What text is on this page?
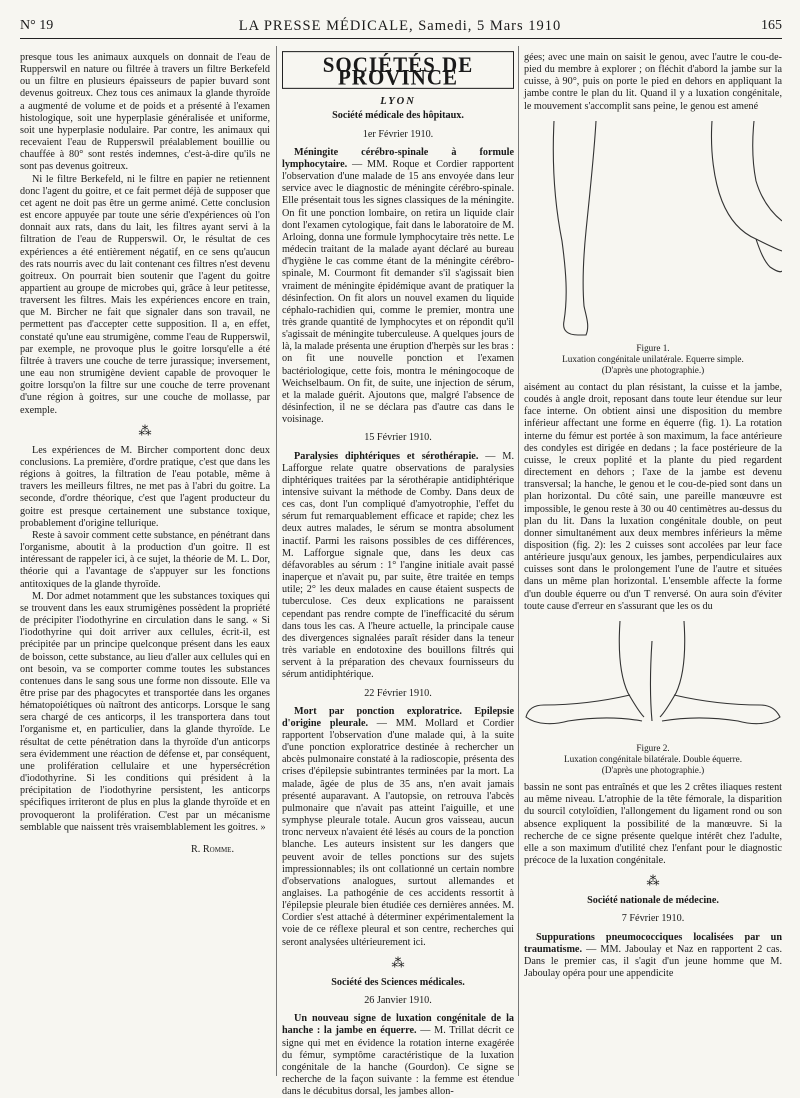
N° 19	LA PRESSE MÉDICALE, Samedi, 5 Mars 1910	165

presque tous les animaux auxquels on donnait de l'eau de Rupperswil en nature ou filtrée à travers un filtre Berkefeld ou un filtre en plusieurs épaisseurs de papier buvard sont devenus goitreux. Chez tous ces animaux la glande thyroïde a augmenté de volume et de poids et a présenté à l'examen histologique, soit une hyperplasie généralisée et uniforme, soit une hyperplasie nodulaire. Par contre, les animaux qui recevaient l'eau de Rupperswil préalablement bouillie ou chauffée à 80° sont restés indemnes, c'est-à-dire qu'ils ne sont pas devenus goitreux.

Ni le filtre Berkefeld, ni le filtre en papier ne retiennent donc l'agent du goitre, et ce fait permet déjà de supposer que cet agent ne doit pas être un germe animé. Cette conclusion est encore appuyée par toute une série d'expériences où l'on donnait aux rats, dans du lait, les filtres ayant servi à la filtration de l'eau de Rupperswil. Or, le résultat de ces expériences a été entièrement négatif, en ce sens qu'aucun des rats nourris avec du lait contenant ces filtres n'est devenu goitreux. On pourrait bien soutenir que l'agent du goitre appartient au groupe de microbes qui, grâce à leur petitesse, traversent les filtres. Mais les expériences encore en train, que M. Bircher ne fait que signaler dans son travail, ne permettent pas d'accepter cette supposition. Il a, en effet, constaté qu'une eau strumigène, comme l'eau de Rupperswil, par exemple, ne provoque plus le goitre lorsqu'elle a été filtrée à travers une couche de terre jurassique; inversement, une eau non strumigène devient capable de provoquer le goitre lorsqu'on la filtre sur une couche de terre provenant d'une région à goitres, sur une couche de mollasse, par exemple.

⁂

Les expériences de M. Bircher comportent donc deux conclusions. La première, d'ordre pratique, c'est que dans les régions à goitres, la filtration de l'eau potable, même à travers les meilleurs filtres, ne met pas à l'abri du goitre. La seconde, d'ordre théorique, c'est que l'agent producteur du goitre est presque certainement une substance toxique, probablement d'origine tellurique.

Reste à savoir comment cette substance, en pénétrant dans l'organisme, aboutit à la production d'un goitre. Il est intéressant de rappeler ici, à ce sujet, la théorie de M. L. Dor, théorie qui a l'avantage de s'appuyer sur les fonctions antitoxiques de la glande thyroïde.

M. Dor admet notamment que les substances toxiques qui se trouvent dans les eaux strumigènes possèdent la propriété de précipiter l'iodothyrine en circulation dans le sang. « Si l'iodothyrine qui doit arriver aux cellules, écrit-il, est précipitée par un principe quelconque présent dans les eaux de boisson, cette substance, au lieu d'aller aux cellules qui en ont besoin, va se comporter comme toutes les substances contenues dans le sang sous une forme non dissoute. Elle va être prise par des phagocytes et transportée dans les organes hématopoiétiques où naîtront des anticorps. Lorsque le sang sera chargé de ces anticorps, il les transportera dans tout l'organisme et, en particulier, dans la glande thyroïde. Le résultat de cette pénétration dans la thyroïde d'un anticorps sera évidemment une réaction de défense et, par conséquent, une prolifération cellulaire et une hypersécrétion d'iodothyrine. Si les conditions qui président à la précipitation de l'iodothyrine persistent, les anticorps spécifiques irriteront de plus en plus la glande thyroïde et en provoqueront la prolifération. C'est par un mécanisme semblable que naissent très vraisemblablement les goitres. »

R. Romme.
SOCIÉTÉS DE PROVINCE
LYON
Société médicale des hôpitaux.
1er Février 1910.

Méningite cérébro-spinale à formule lymphocytaire. — MM. Roque et Cordier rapportent l'observation d'une malade de 15 ans envoyée dans leur service avec le diagnostic de méningite cérébro-spinale. Elle présentait tous les signes classiques de la méningite. On fit une ponction lombaire, on retira un liquide clair dont l'examen cytologique, fait dans le laboratoire de M. Arloing, donna une formule lymphocytaire très nette. Le médecin traitant de la malade ayant déclaré au bureau d'hygiène le cas comme étant de la méningite cérébro-spinale, M. Courmont fit demander s'il s'agissait bien vraiment de méningite épidémique avant de pratiquer la désinfection. On fit alors un nouvel examen du liquide céphalo-rachidien qui, comme le premier, montra une très grande quantité de lymphocytes et on répondit qu'il s'agissait de méningite tuberculeuse. A quelques jours de là, la malade présenta une éruption d'herpès sur les bras : on fit une nouvelle ponction et l'examen bactériologique, cette fois, montra le méningocoque de Weichselbaum. On fit, de suite, une injection de sérum, et la malade guérit. Ajoutons que, malgré l'absence de désinfection, il ne se déclara pas d'autre cas dans le voisinage.

15 Février 1910.

Paralysies diphtériques et sérothérapie. — M. Lafforgue relate quatre observations de paralysies diphtériques traitées par la sérothérapie antidiphtérique intensive suivant la méthode de Comby. Dans deux de ces cas, dont l'un compliqué d'amyotrophie, l'effet du sérum fut remarquablement efficace et rapide; chez les deux autres malades, le sérum se montra absolument inactif. Parmi les raisons possibles de ces différences, M. Lafforgue signale que, dans les deux cas défavorables au sérum : 1° l'angine initiale avait passé inaperçue et n'avait pu, par suite, être traitée en temps utile; 2° les deux malades en cause étaient suspects de tuberculose. Ces deux explications ne paraissent cependant pas rendre compte de l'inefficacité du sérum dans tous les cas. A l'heure actuelle, la principale cause des divergences signalées paraît résider dans la teneur très variable en endotoxine des bouillons filtrés qui servent à la préparation des chevaux fournisseurs du sérum antidiphtérique.

22 Février 1910.

Mort par ponction exploratrice. Epilepsie d'origine pleurale. — MM. Mollard et Cordier rapportent l'observation d'une malade qui, à la suite d'une ponction exploratrice destinée à rechercher un abcès pulmonaire constaté à la radioscopie, présenta des crises d'épilepsie subintrantes terminées par la mort. La malade, âgée de plus de 35 ans, n'en avait jamais présenté auparavant. A l'autopsie, on retrouva l'abcès pulmonaire que n'avait pas atteint l'aiguille, et une symphyse pleurale totale. Aucun gros vaisseau, aucun tronc nerveux n'avaient été lésés au cours de la ponction blanche. Les auteurs insistent sur les dangers que peuvent avoir de telles ponctions sur des sujets impressionnables; ils ont collationné un certain nombre d'observations analogues, surtout allemandes et anglaises. La pathogénie de ces accidents ressortit à l'épilepsie pleurale bien étudiée ces dernières années. M. Cordier s'est attaché à déterminer expérimentalement la voie de ce réflexe pleural et son centre, recherches qui seront analysées ultérieurement ici.

⁂
Société des Sciences médicales.
26 Janvier 1910.

Un nouveau signe de luxation congénitale de la hanche : la jambe en équerre. — M. Trillat décrit ce signe qui met en évidence la rotation interne exagérée du fémur, symptôme caractéristique de la luxation congénitale de la hanche (Gourdon). Ce signe se recherche de la façon suivante : la femme est étendue dans le décubitus dorsal, les jambes allon-

gées; avec une main on saisit le genou, avec l'autre le cou-de-pied du membre à explorer ; on fléchit d'abord la jambe sur la cuisse, à 90°, puis on porte le pied en dehors en appliquant la jambe contre le plan du lit. Quand il y a luxation congénitale, le mouvement s'accomplit sans peine, le genou est amené

Figure 1.
Luxation congénitale unilatérale. Equerre simple.
(D'après une photographie.)

aisément au contact du plan résistant, la cuisse et la jambe, coudés à angle droit, reposant dans toute leur étendue sur leur face interne. On obtient ainsi une disposition du membre inférieur affectant une forme en équerre (fig. 1). La rotation interne du fémur est portée à son maximum, la face antérieure des condyles est dirigée en dedans ; la face postérieure de la cuisse, le creux poplité et la plante du pied regardent directement en dehors ; l'axe de la jambe est devenu transversal; la hanche, le genou et le cou-de-pied sont dans un plan horizontal. Du côté sain, une pareille manœuvre est impossible, le genou reste à 30 ou 40 centimètres au-dessus du plan du lit. Dans la luxation congénitale double, on peut donner simultanément aux deux membres inférieurs la même disposition (fig. 2): les 2 cuisses sont accolées par leur face antérieure jusqu'aux genoux, les jambes, perpendiculaires aux cuisses sont dans le prolongement l'une de l'autre et situées dans un même plan horizontal. L'ensemble affecte la forme d'un double équerre ou d'un T renversé. On aura soin d'éviter toute cause d'erreur en s'assurant que les os du

Figure 2.
Luxation congénitale bilatérale. Double équerre.
(D'après une photographie.)

bassin ne sont pas entraînés et que les 2 crêtes iliaques restent au même niveau. L'atrophie de la tête fémorale, la disparition du sourcil cotyloïdien, l'allongement du ligament rond ou son absence expliquent la possibilité de la manœuvre. Si la recherche de ce signe présente quelque intérêt chez l'adulte, elle a son maximum d'utilité chez l'enfant pour le diagnostic précoce de la luxation congénitale.

⁂
Société nationale de médecine.
7 Février 1910.

Suppurations pneumococciques localisées par un traumatisme. — MM. Jaboulay et Naz en rapportent 2 cas. Dans le premier cas, il s'agit d'un jeune homme que M. Jaboulay opéra pour une appendicite
